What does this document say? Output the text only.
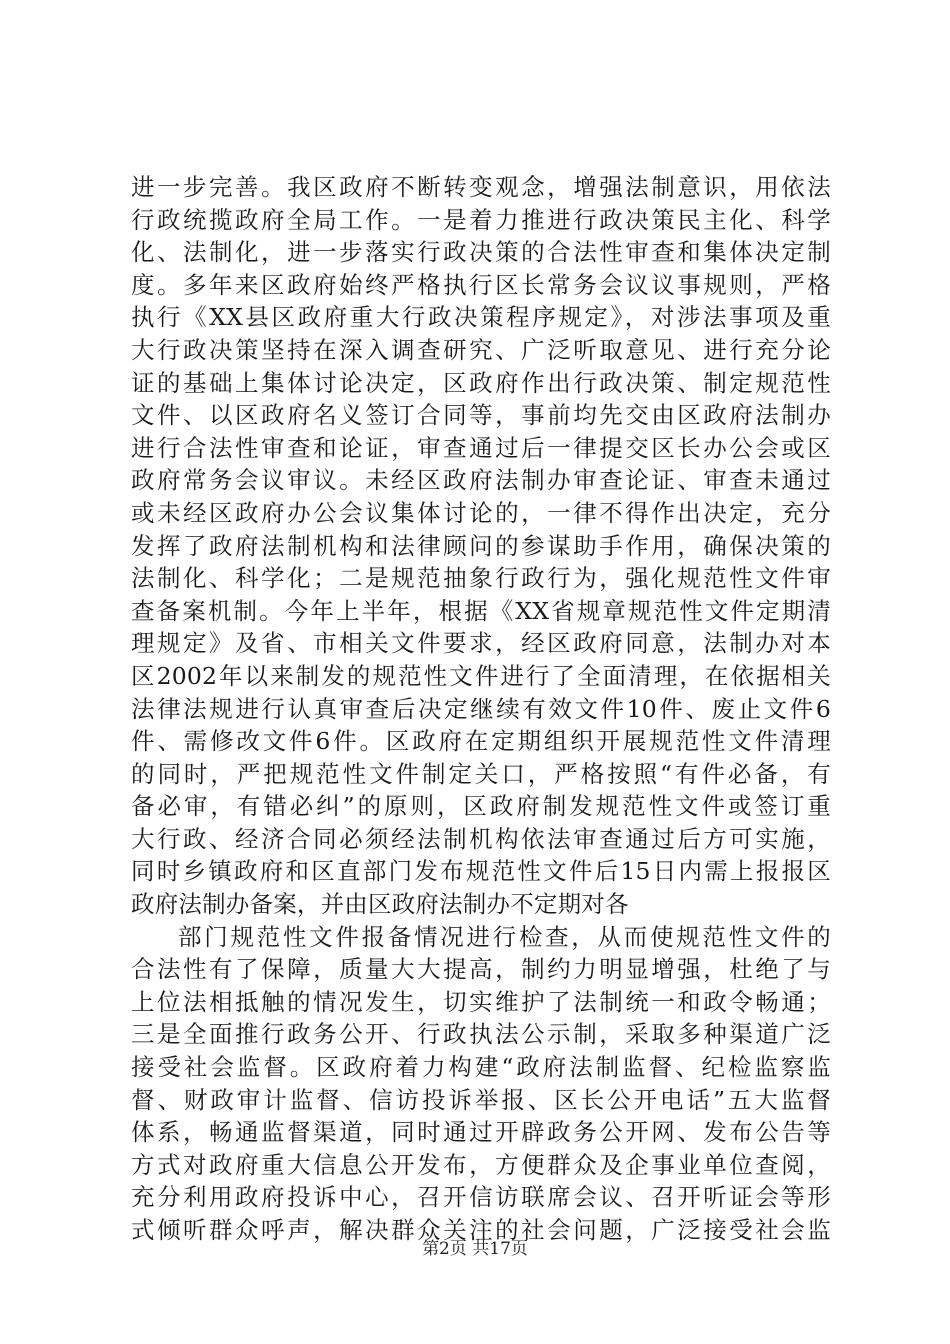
进一步完善。我区政府不断转变观念，增强法制意识，用依法
行政统揽政府全局工作。一是着力推进行政决策民主化、科学
化、法制化，进一步落实行政决策的合法性审查和集体决定制
度。多年来区政府始终严格执行区长常务会议议事规则，严格
执行《XX县区政府重大行政决策程序规定》，对涉法事项及重
大行政决策坚持在深入调查研究、广泛听取意见、进行充分论
证的基础上集体讨论决定，区政府作出行政决策、制定规范性
文件、以区政府名义签订合同等，事前均先交由区政府法制办
进行合法性审查和论证，审查通过后一律提交区长办公会或区
政府常务会议审议。未经区政府法制办审查论证、审查未通过
或未经区政府办公会议集体讨论的，一律不得作出决定，充分
发挥了政府法制机构和法律顾问的参谋助手作用，确保决策的
法制化、科学化；二是规范抽象行政行为，强化规范性文件审
查备案机制。今年上半年，根据《XX省规章规范性文件定期清
理规定》及省、市相关文件要求，经区政府同意，法制办对本
区2002年以来制发的规范性文件进行了全面清理，在依据相关
法律法规进行认真审查后决定继续有效文件10件、废止文件6
件、需修改文件6件。区政府在定期组织开展规范性文件清理
的同时，严把规范性文件制定关口，严格按照“有件必备，有
备必审，有错必纠”的原则，区政府制发规范性文件或签订重
大行政、经济合同必须经法制机构依法审查通过后方可实施，
同时乡镇政府和区直部门发布规范性文件后15日内需上报报区
政府法制办备案，并由区政府法制办不定期对各
部门规范性文件报备情况进行检查，从而使规范性文件的
合法性有了保障，质量大大提高，制约力明显增强，杜绝了与
上位法相抵触的情况发生，切实维护了法制统一和政令畅通；
三是全面推行政务公开、行政执法公示制，采取多种渠道广泛
接受社会监督。区政府着力构建“政府法制监督、纪检监察监
督、财政审计监督、信访投诉举报、区长公开电话”五大监督
体系，畅通监督渠道，同时通过开辟政务公开网、发布公告等
方式对政府重大信息公开发布，方便群众及企事业单位查阅，
充分利用政府投诉中心，召开信访联席会议、召开听证会等形
式倾听群众呼声，解决群众关注的社会问题，广泛接受社会监
第2页 共17页
